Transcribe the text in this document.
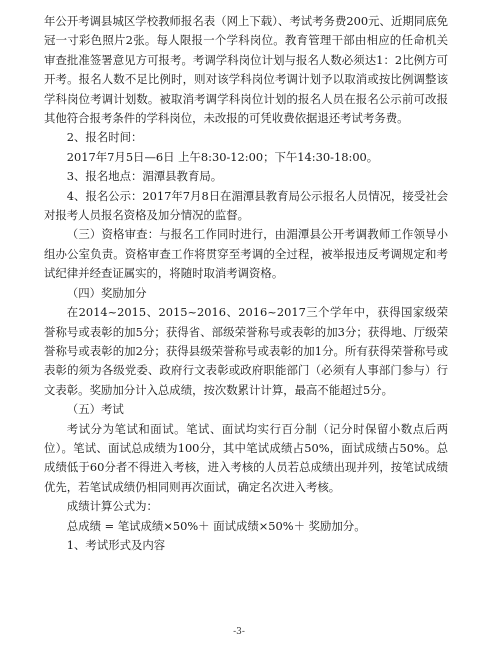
年公开考调县城区学校教师报名表（网上下载）、考试考务费200元、近期同底免冠一寸彩色照片2张。每人限报一个学科岗位。教育管理干部由相应的任命机关审查批准签署意见方可报考。考调学科岗位计划与报名人数必须达1：2比例方可开考。报名人数不足比例时，则对该学科岗位考调计划予以取消或按比例调整该学科岗位考调计划数。被取消考调学科岗位计划的报名人员在报名公示前可改报其他符合报考条件的学科岗位，未改报的可凭收费依据退还考试考务费。

2、报名时间：

2017年7月5日—6日 上午8:30-12:00；下午14:30-18:00。

3、报名地点：湄潭县教育局。

4、报名公示：2017年7月8日在湄潭县教育局公示报名人员情况，接受社会对报考人员报名资格及加分情况的监督。

（三）资格审查：与报名工作同时进行，由湄潭县公开考调教师工作领导小组办公室负责。资格审查工作将贯穿至考调的全过程，被举报违反考调规定和考试纪律并经查证属实的，将随时取消考调资格。

（四）奖励加分

在2014~2015、2015~2016、2016~2017三个学年中，获得国家级荣誉称号或表彰的加5分；获得省、部级荣誉称号或表彰的加3分；获得地、厅级荣誉称号或表彰的加2分；获得县级荣誉称号或表彰的加1分。所有获得荣誉称号或表彰的须为各级党委、政府行文表彰或政府职能部门（必须有人事部门参与）行文表彰。奖励加分计入总成绩，按次数累计计算，最高不能超过5分。

（五）考试

考试分为笔试和面试。笔试、面试均实行百分制（记分时保留小数点后两位）。笔试、面试总成绩为100分，其中笔试成绩占50%，面试成绩占50%。总成绩低于60分者不得进入考核，进入考核的人员若总成绩出现并列，按笔试成绩优先，若笔试成绩仍相同则再次面试，确定名次进入考核。

成绩计算公式为：

总成绩 = 笔试成绩×50%＋ 面试成绩×50%＋ 奖励加分。

1、考试形式及内容

-3-
